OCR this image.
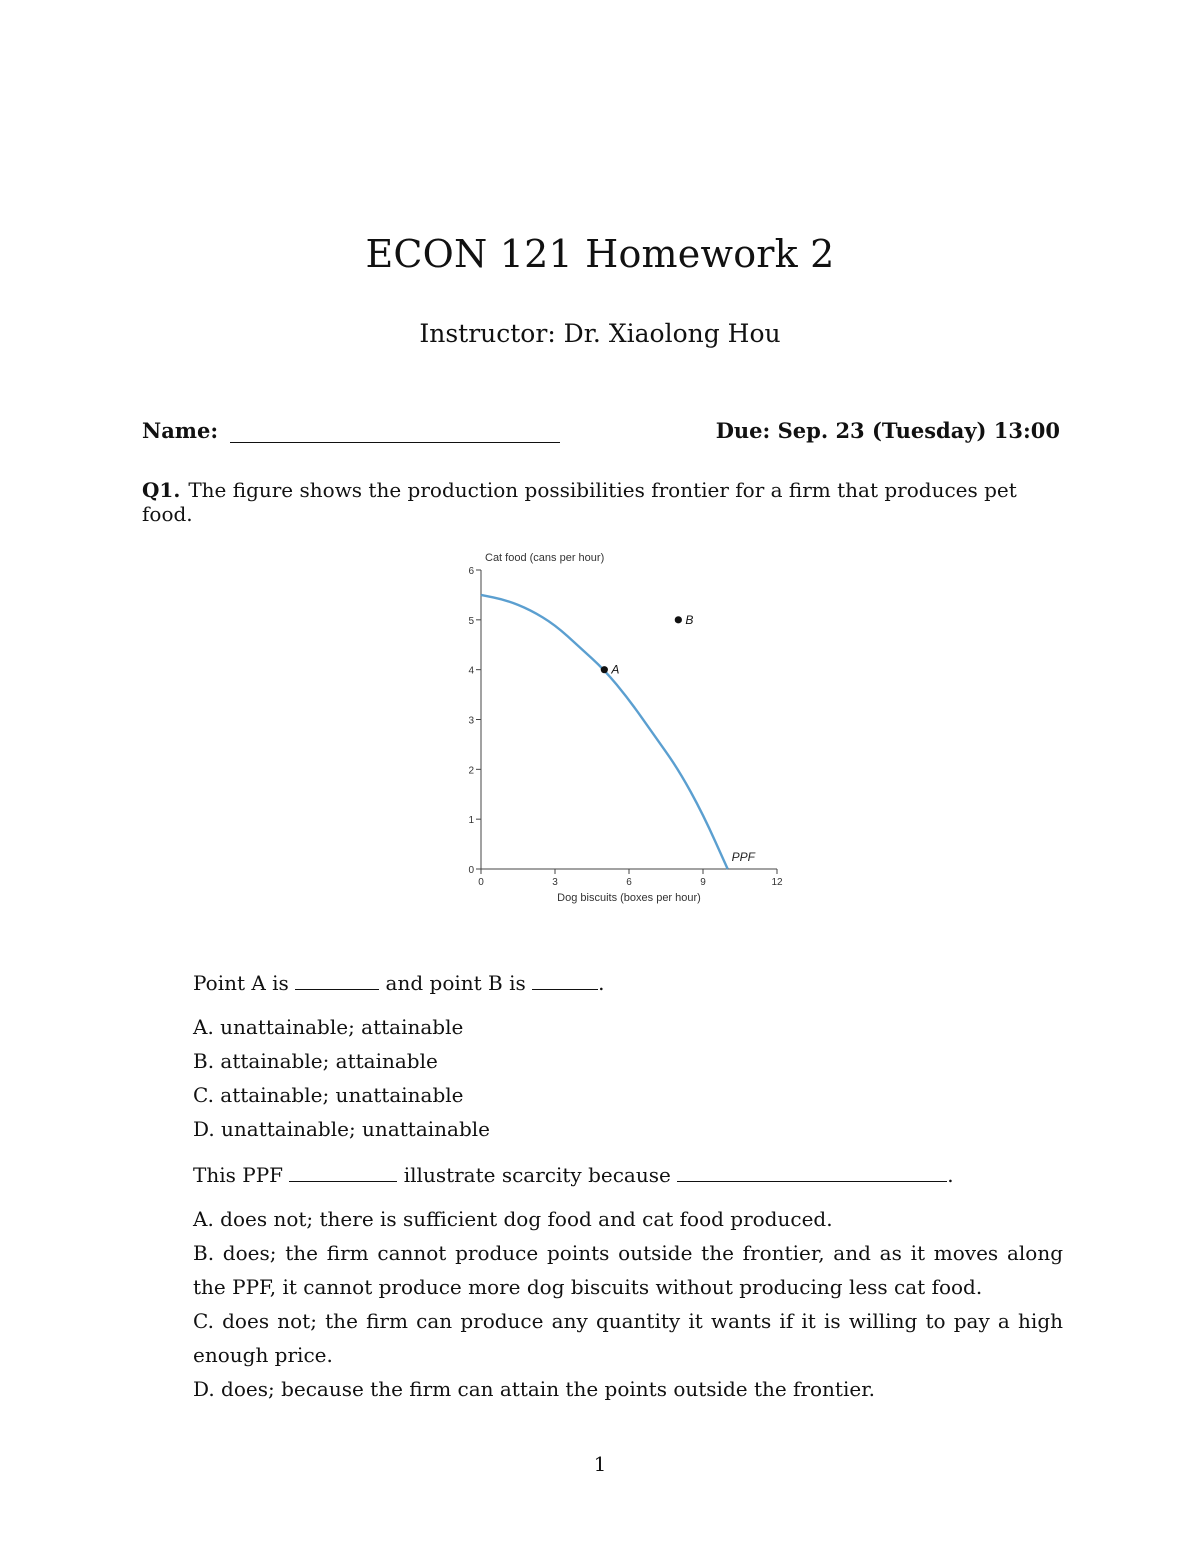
ECON 121 Homework 2
Instructor: Dr. Xiaolong Hou
Name:	Due: Sep. 23 (Tuesday) 13:00
Q1. The figure shows the production possibilities frontier for a firm that produces pet food.
0
1
2
3
4
5
6
0	3	6	9	12
Cat food (cans per hour)
Dog biscuits (boxes per hour)
PPF
A
B

Point A is	and point B is	.

A. unattainable; attainable

B. attainable; attainable

C. attainable; unattainable

D. unattainable; unattainable

This PPF	illustrate scarcity because	.

A. does not; there is sufficient dog food and cat food produced.

B. does; the firm cannot produce points outside the frontier, and as it moves along the PPF, it cannot produce more dog biscuits without producing less cat food.

C. does not; the firm can produce any quantity it wants if it is willing to pay a high enough price.

D. does; because the firm can attain the points outside the frontier.

1
